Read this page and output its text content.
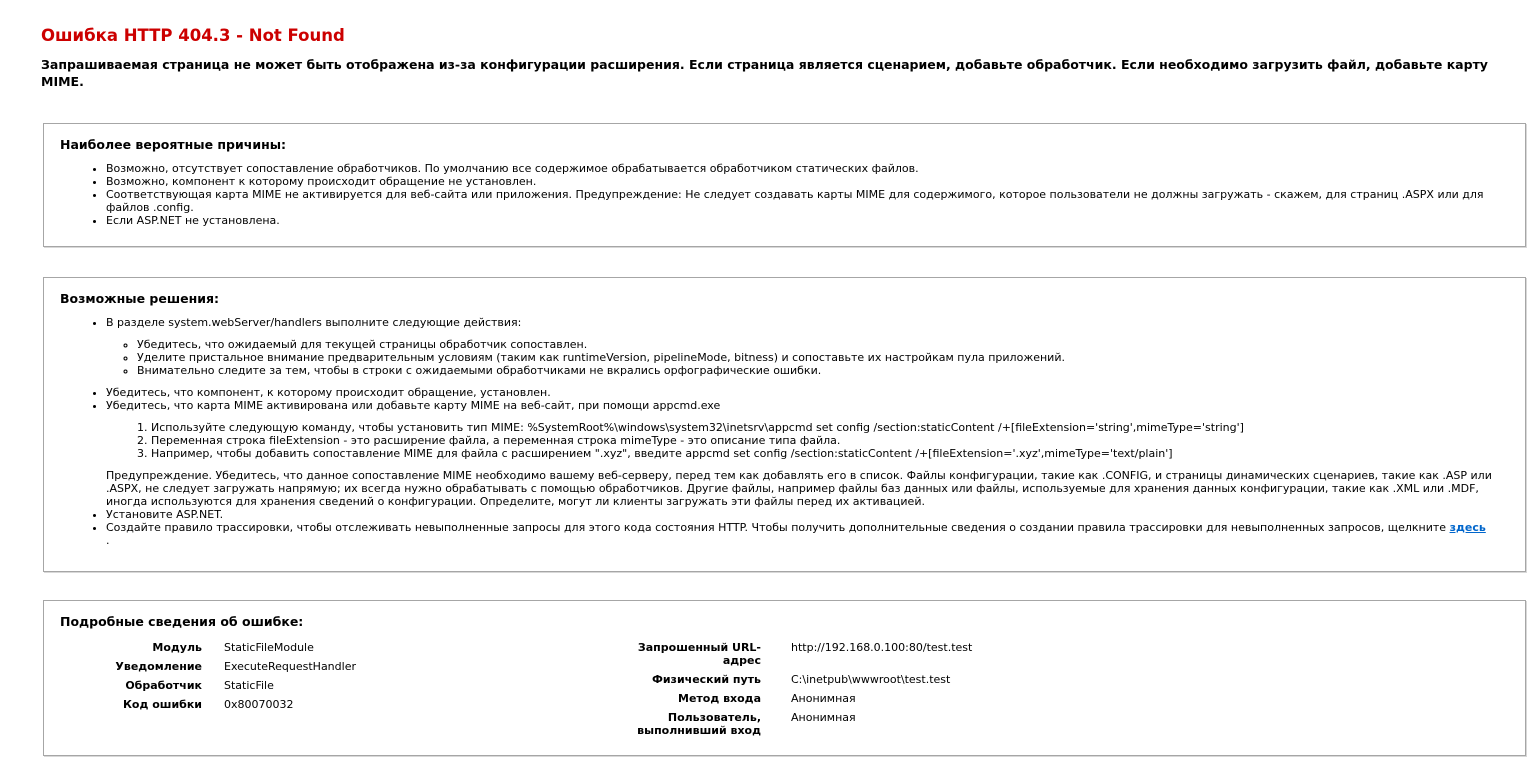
Ошибка HTTP 404.3 - Not Found
Запрашиваемая страница не может быть отображена из-за конфигурации расширения. Если страница является сценарием, добавьте обработчик. Если необходимо загрузить файл, добавьте карту MIME.
Наиболее вероятные причины:
• Возможно, отсутствует сопоставление обработчиков. По умолчанию все содержимое обрабатывается обработчиком статических файлов.
• Возможно, компонент к которому происходит обращение не установлен.
• Соответствующая карта MIME не активируется для веб-сайта или приложения. Предупреждение: Не следует создавать карты MIME для содержимого, которое пользователи не должны загружать - скажем, для страниц .ASPX или для файлов .config.
• Если ASP.NET не установлена.
Возможные решения:
• В разделе system.webServer/handlers выполните следующие действия:
◦ Убедитесь, что ожидаемый для текущей страницы обработчик сопоставлен.
◦ Уделите пристальное внимание предварительным условиям (таким как runtimeVersion, pipelineMode, bitness) и сопоставьте их настройкам пула приложений.
◦ Внимательно следите за тем, чтобы в строки с ожидаемыми обработчиками не вкрались орфографические ошибки.
• Убедитесь, что компонент, к которому происходит обращение, установлен.
• Убедитесь, что карта MIME активирована или добавьте карту MIME на веб-сайт, при помощи appcmd.exe
1. Используйте следующую команду, чтобы установить тип MIME: %SystemRoot%\windows\system32\inetsrv\appcmd set config /section:staticContent /+[fileExtension='string',mimeType='string']
2. Переменная строка fileExtension - это расширение файла, а переменная строка mimeType - это описание типа файла.
3. Например, чтобы добавить сопоставление MIME для файла с расширением ".xyz", введите appcmd set config /section:staticContent /+[fileExtension='.xyz',mimeType='text/plain']

Предупреждение. Убедитесь, что данное сопоставление MIME необходимо вашему веб-серверу, перед тем как добавлять его в список. Файлы конфигурации, такие как .CONFIG, и страницы динамических сценариев, такие как .ASP или .ASPX, не следует загружать напрямую; их всегда нужно обрабатывать с помощью обработчиков. Другие файлы, например файлы баз данных или файлы, используемые для хранения данных конфигурации, такие как .XML или .MDF, иногда используются для хранения сведений о конфигурации. Определите, могут ли клиенты загружать эти файлы перед их активацией.

• Установите ASP.NET.
• Создайте правило трассировки, чтобы отслеживать невыполненные запросы для этого кода состояния HTTP. Чтобы получить дополнительные сведения о создании правила трассировки для невыполненных запросов, щелкните здесь
.
Подробные сведения об ошибке:
Модуль	StaticFileModule
Уведомление	ExecuteRequestHandler
Обработчик	StaticFile
Код ошибки	0x80070032
Запрошенный URL-адрес	http://192.168.0.100:80/test.test
Физический путь	C:\inetpub\wwwroot\test.test
Метод входа	Анонимная
Пользователь, выполнивший вход	Анонимная
